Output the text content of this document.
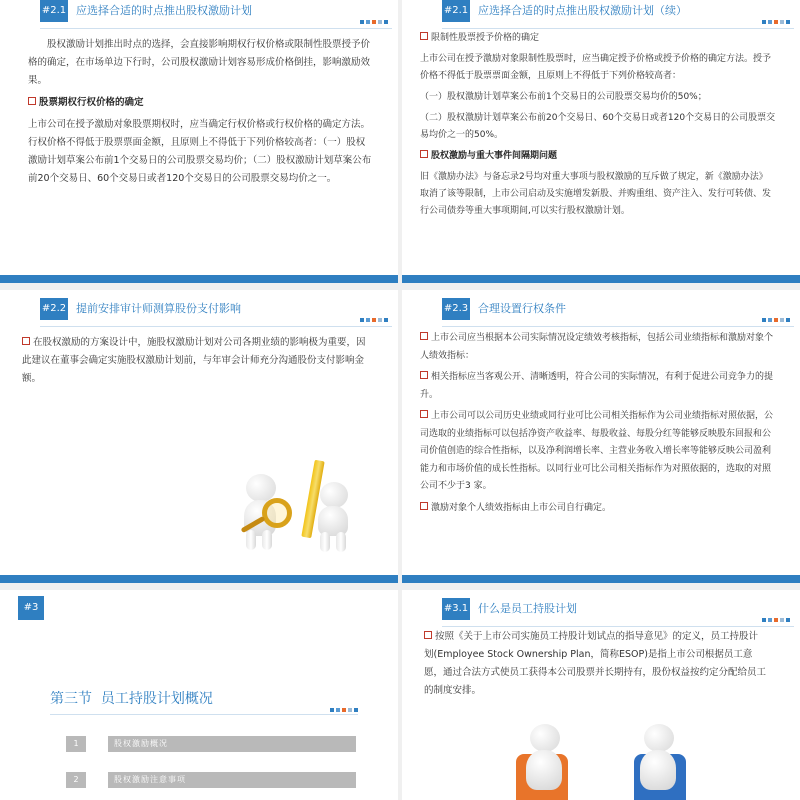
#2.1 应选择合适的时点推出股权激励计划

股权激励计划推出时点的选择，会直接影响期权行权价格或限制性股票授予价格的确定，在市场单边下行时，公司股权激励计划容易形成价格倒挂，影响激励效果。

股票期权行权价格的确定

上市公司在授予激励对象股票期权时，应当确定行权价格或行权价格的确定方法。行权价格不得低于股票票面金额，且原则上不得低于下列价格较高者：（一）股权激励计划草案公布前1个交易日的公司股票交易均价；（二）股权激励计划草案公布前20个交易日、60个交易日或者120个交易日的公司股票交易均价之一。

#2.1 应选择合适的时点推出股权激励计划（续）

限制性股票授予价格的确定

上市公司在授予激励对象限制性股票时，应当确定授予价格或授予价格的确定方法。授予价格不得低于股票票面金额，且原则上不得低于下列价格较高者：

（一）股权激励计划草案公布前1个交易日的公司股票交易均价的50%；

（二）股权激励计划草案公布前20个交易日、60个交易日或者120个交易日的公司股票交易均价之一的50%。

股权激励与重大事件间隔期问题

旧《激励办法》与备忘录2号均对重大事项与股权激励的互斥做了规定，新《激励办法》取消了该等限制，上市公司启动及实施增发新股、并购重组、资产注入、发行可转债、发行公司债券等重大事项期间,可以实行股权激励计划。

#2.2 提前安排审计师测算股份支付影响

在股权激励的方案设计中，施股权激励计划对公司各期业绩的影响极为重要，因此建议在董事会确定实施股权激励计划前，与年审会计师充分沟通股份支付影响金额。

#2.3 合理设置行权条件

上市公司应当根据本公司实际情况设定绩效考核指标，包括公司业绩指标和激励对象个人绩效指标：

相关指标应当客观公开、清晰透明，符合公司的实际情况，有利于促进公司竞争力的提升。

上市公司可以公司历史业绩或同行业可比公司相关指标作为公司业绩指标对照依据，公司选取的业绩指标可以包括净资产收益率、每股收益、每股分红等能够反映股东回报和公司价值创造的综合性指标，以及净利润增长率、主营业务收入增长率等能够反映公司盈利能力和市场价值的成长性指标。以同行业可比公司相关指标作为对照依据的，选取的对照公司不少于3 家。

激励对象个人绩效指标由上市公司自行确定。

#3
第三节  员工持股计划概况
1	股权激励概况
2	股权激励注意事项
#3.1 什么是员工持股计划

按照《关于上市公司实施员工持股计划试点的指导意见》的定义，员工持股计划(Employee Stock Ownership Plan，简称ESOP)是指上市公司根据员工意愿，通过合法方式使员工获得本公司股票并长期持有，股份权益按约定分配给员工的制度安排。
